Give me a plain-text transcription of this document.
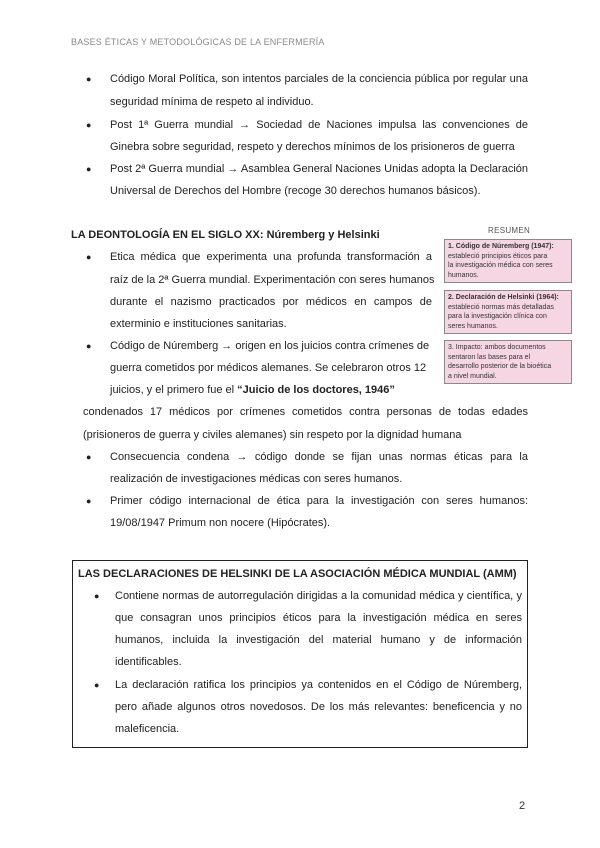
BASES ÉTICAS Y METODOLÓGICAS DE LA ENFERMERÍA
● Código Moral Política, son intentos parciales de la conciencia pública por regular una
seguridad mínima de respeto al individuo.
● Post 1ª Guerra mundial → Sociedad de Naciones impulsa las convenciones de
Ginebra sobre seguridad, respeto y derechos mínimos de los prisioneros de guerra
● Post 2ª Guerra mundial → Asamblea General Naciones Unidas adopta la Declaración
Universal de Derechos del Hombre (recoge 30 derechos humanos básicos).
LA DEONTOLOGÍA EN EL SIGLO XX: Núremberg y Helsinki
● Ética médica que experimenta una profunda transformación a
raíz de la 2ª Guerra mundial. Experimentación con seres humanos
durante el nazismo practicados por médicos en campos de
exterminio e instituciones sanitarias.
● Código de Núremberg → origen en los juicios contra crímenes de
guerra cometidos por médicos alemanes. Se celebraron otros 12
juicios, y el primero fue el “Juicio de los doctores, 1946”
condenados 17 médicos por crímenes cometidos contra personas de todas edades
(prisioneros de guerra y civiles alemanes) sin respeto por la dignidad humana
● Consecuencia condena → código donde se fijan unas normas éticas para la
realización de investigaciones médicas con seres humanos.
● Primer código internacional de ética para la investigación con seres humanos:
19/08/1947 Primum non nocere (Hipócrates).
RESUMEN
1. Código de Núremberg (1947):
estableció principios éticos para
la investigación médica con seres
humanos.
2. Declaración de Helsinki (1964):
estableció normas más detalladas
para la investigación clínica con
seres humanos.
3. Impacto: ambos documentos
sentaron las bases para el
desarrollo posterior de la bioética
a nivel mundial.
LAS DECLARACIONES DE HELSINKI DE LA ASOCIACIÓN MÉDICA MUNDIAL (AMM)
● Contiene normas de autorregulación dirigidas a la comunidad médica y científica, y
que consagran unos principios éticos para la investigación médica en seres
humanos, incluida la investigación del material humano y de información
identificables.
● La declaración ratifica los principios ya contenidos en el Código de Núremberg,
pero añade algunos otros novedosos. De los más relevantes: beneficencia y no
maleficencia.
2
